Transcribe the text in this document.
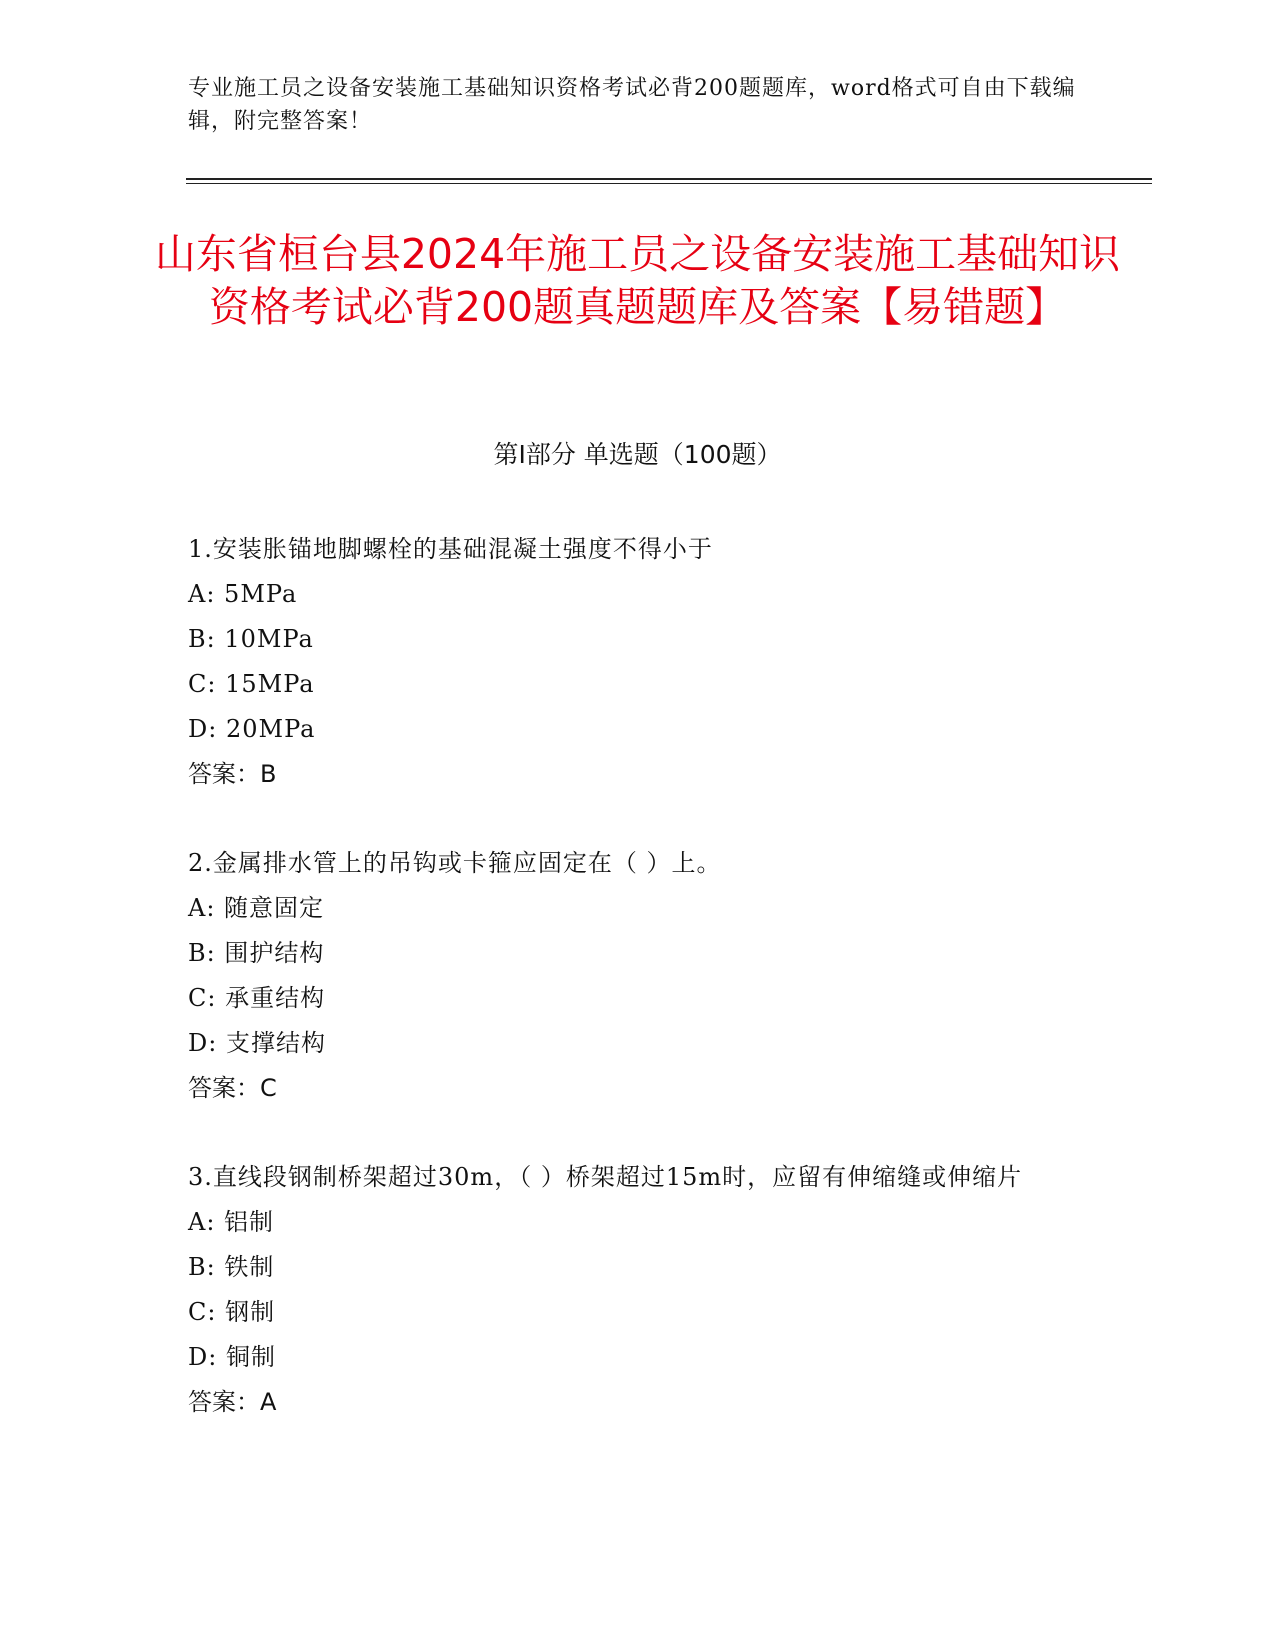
专业施工员之设备安装施工基础知识资格考试必背200题题库，word格式可自由下载编辑，附完整答案！
山东省桓台县2024年施工员之设备安装施工基础知识资格考试必背200题真题题库及答案【易错题】
第I部分 单选题（100题）
1.安装胀锚地脚螺栓的基础混凝土强度不得小于
A: 5MPa
B: 10MPa
C: 15MPa
D: 20MPa
答案：B
2.金属排水管上的吊钩或卡箍应固定在（ ）上。
A: 随意固定
B: 围护结构
C: 承重结构
D: 支撑结构
答案：C
3.直线段钢制桥架超过30m，（ ）桥架超过15m时，应留有伸缩缝或伸缩片
A: 铝制
B: 铁制
C: 钢制
D: 铜制
答案：A
